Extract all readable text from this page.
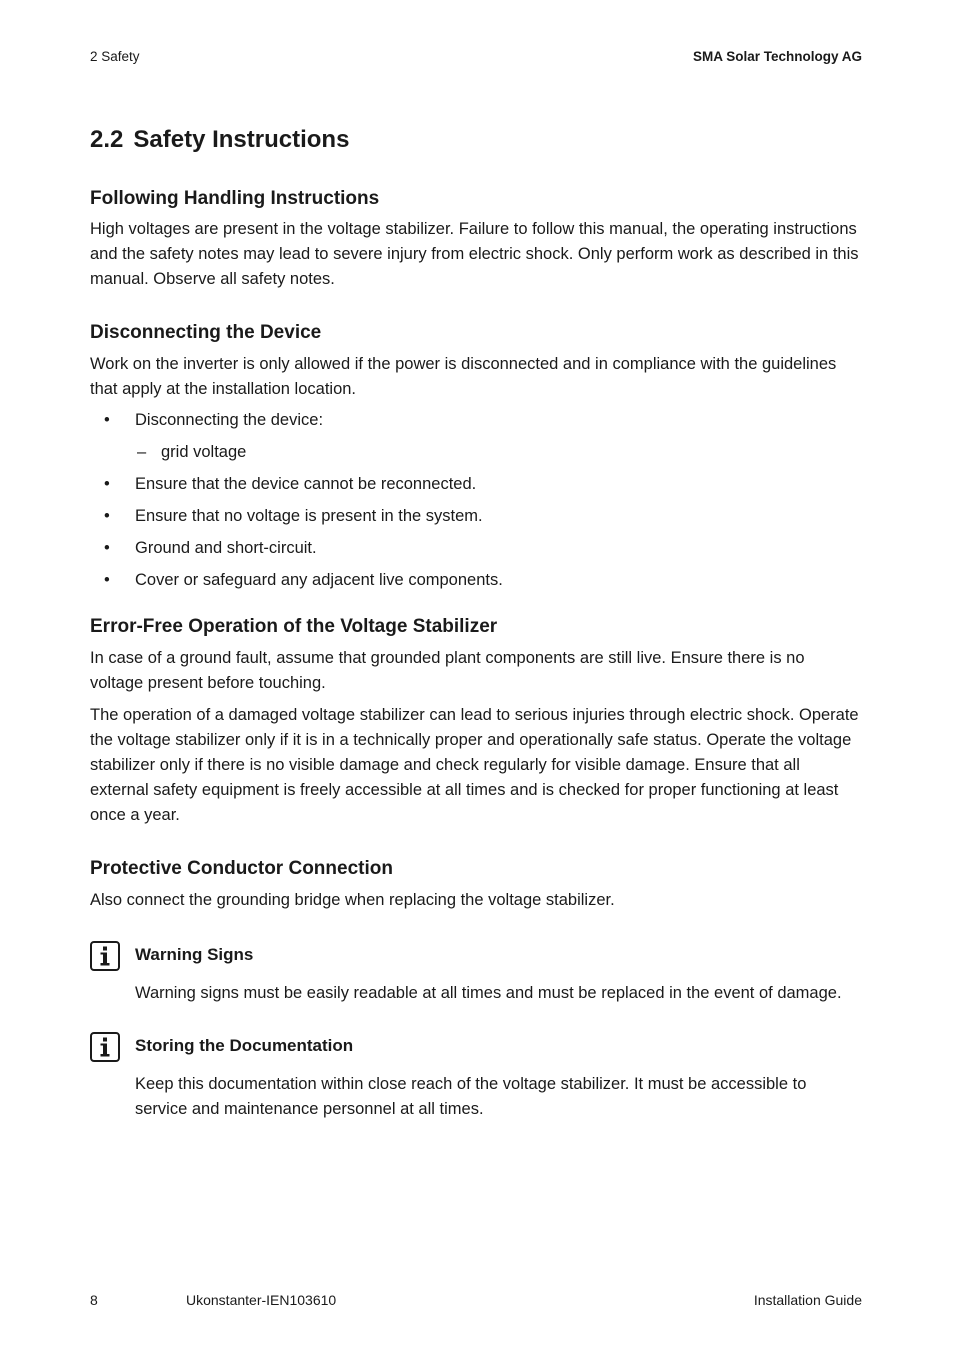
2 Safety	SMA Solar Technology AG
2.2 Safety Instructions
Following Handling Instructions

High voltages are present in the voltage stabilizer. Failure to follow this manual, the operating instructions and the safety notes may lead to severe injury from electric shock. Only perform work as described in this manual. Observe all safety notes.

Disconnecting the Device

Work on the inverter is only allowed if the power is disconnected and in compliance with the guidelines that apply at the installation location.

• Disconnecting the device:
– grid voltage
• Ensure that the device cannot be reconnected.
• Ensure that no voltage is present in the system.
• Ground and short-circuit.
• Cover or safeguard any adjacent live components.
Error-Free Operation of the Voltage Stabilizer

In case of a ground fault, assume that grounded plant components are still live. Ensure there is no voltage present before touching.

The operation of a damaged voltage stabilizer can lead to serious injuries through electric shock. Operate the voltage stabilizer only if it is in a technically proper and operationally safe status. Operate the voltage stabilizer only if there is no visible damage and check regularly for visible damage. Ensure that all external safety equipment is freely accessible at all times and is checked for proper functioning at least once a year.

Protective Conductor Connection

Also connect the grounding bridge when replacing the voltage stabilizer.

Warning Signs

Warning signs must be easily readable at all times and must be replaced in the event of damage.

Storing the Documentation

Keep this documentation within close reach of the voltage stabilizer. It must be accessible to service and maintenance personnel at all times.

8	Ukonstanter-IEN103610	Installation Guide
